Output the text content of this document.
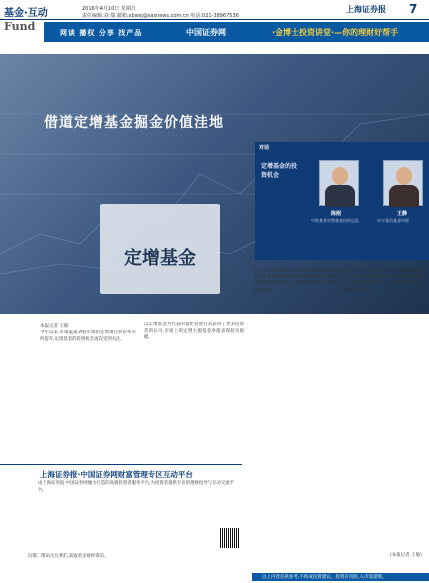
基金·互动
Fund
2016年4月10日 星期日
责任编辑:刘 瑞 邮箱:xbwsj@sasnews.com.cn 电话:021-38967536
上海证券报 7
网谈 播权 分享 找产品	中国证券网	·金博士投资讲堂·—你的理财好帮手
定增基金
借道定增基金掘金价值洼地
对话
定增基金的投资机会
陈刚
中欧基金定增基金投资总监
王静
申万菱信基金经理
本报记者 王敏
今年以来,市场震荡,A股市场的定增项目折价率有所提升,定增基金的投资机会再次受到关注。
以定增基金为代表的量化投资方式获得了更多投资者的认可,市场上的定增主题基金净值表现较为稳健。
问:当前市场环境下,定增基金有哪些投资机会?答:随着市场估值回归合理区间,定增项目的折价率有所扩大,为定增基金带来了较好的安全边际。
问:当前市场环境下,定增基金有哪些投资机会?答:随着市场估值回归合理区间,定增项目的折价率有所扩大,为定增基金带来了较好的安全边际。
(本报记者 王敏)
上海证券报·中国证券网财富管理专区互动平台
由上海证券报·中国证券网倾力打造的高端投资者服务平台,为投资者提供专业的理财指导与互动交流平台。
扫描二维码关注我们,获取更多财经资讯。
以上内容仅供参考,不构成投资建议。投资有风险,入市需谨慎。
